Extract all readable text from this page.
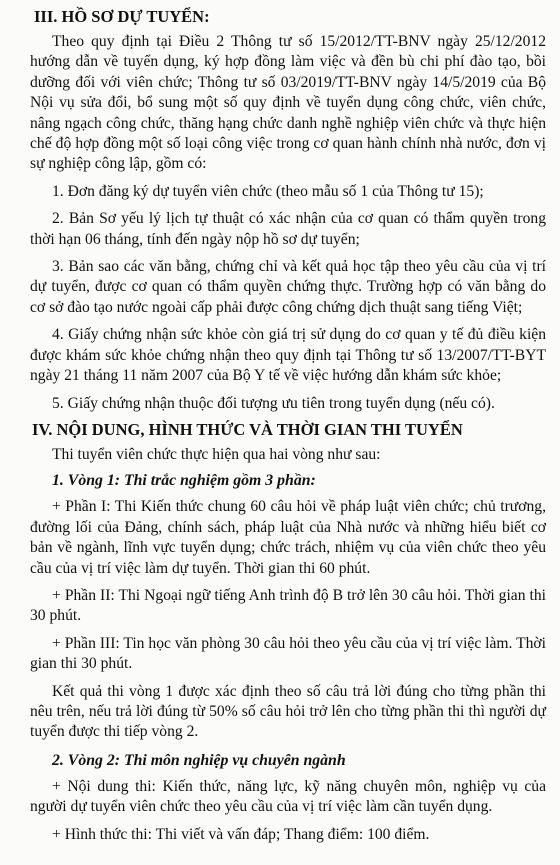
III. HỒ SƠ DỰ TUYỂN:

Theo quy định tại Điều 2 Thông tư số 15/2012/TT-BNV ngày 25/12/2012 hướng dẫn về tuyển dụng, ký hợp đồng làm việc và đền bù chi phí đào tạo, bồi dưỡng đối với viên chức; Thông tư số 03/2019/TT-BNV ngày 14/5/2019 của Bộ Nội vụ sửa đổi, bổ sung một số quy định về tuyển dụng công chức, viên chức, nâng ngạch công chức, thăng hạng chức danh nghề nghiệp viên chức và thực hiện chế độ hợp đồng một số loại công việc trong cơ quan hành chính nhà nước, đơn vị sự nghiệp công lập, gồm có:

1. Đơn đăng ký dự tuyển viên chức (theo mẫu số 1 của Thông tư 15);

2. Bản Sơ yếu lý lịch tự thuật có xác nhận của cơ quan có thẩm quyền trong thời hạn 06 tháng, tính đến ngày nộp hồ sơ dự tuyển;

3. Bản sao các văn bằng, chứng chỉ và kết quả học tập theo yêu cầu của vị trí dự tuyển, được cơ quan có thẩm quyền chứng thực. Trường hợp có văn bằng do cơ sở đào tạo nước ngoài cấp phải được công chứng dịch thuật sang tiếng Việt;

4. Giấy chứng nhận sức khỏe còn giá trị sử dụng do cơ quan y tế đủ điều kiện được khám sức khỏe chứng nhận theo quy định tại Thông tư số 13/2007/TT-BYT ngày 21 tháng 11 năm 2007 của Bộ Y tế về việc hướng dẫn khám sức khỏe;

5. Giấy chứng nhận thuộc đối tượng ưu tiên trong tuyển dụng (nếu có).

IV. NỘI DUNG, HÌNH THỨC VÀ THỜI GIAN THI TUYỂN

Thi tuyển viên chức thực hiện qua hai vòng như sau:

1. Vòng 1: Thi trắc nghiệm gồm 3 phần:

+ Phần I: Thi Kiến thức chung 60 câu hỏi về pháp luật viên chức; chủ trương, đường lối của Đảng, chính sách, pháp luật của Nhà nước và những hiểu biết cơ bản về ngành, lĩnh vực tuyển dụng; chức trách, nhiệm vụ của viên chức theo yêu cầu của vị trí việc làm dự tuyển. Thời gian thi 60 phút.

+ Phần II: Thi Ngoại ngữ tiếng Anh trình độ B trở lên 30 câu hỏi. Thời gian thi 30 phút.

+ Phần III: Tin học văn phòng 30 câu hỏi theo yêu cầu của vị trí việc làm. Thời gian thi 30 phút.

Kết quả thi vòng 1 được xác định theo số câu trả lời đúng cho từng phần thi nêu trên, nếu trả lời đúng từ 50% số câu hỏi trở lên cho từng phần thi thì người dự tuyển được thi tiếp vòng 2.

2. Vòng 2: Thi môn nghiệp vụ chuyên ngành

+ Nội dung thi: Kiến thức, năng lực, kỹ năng chuyên môn, nghiệp vụ của người dự tuyển viên chức theo yêu cầu của vị trí việc làm cần tuyển dụng.

+ Hình thức thi: Thi viết và vấn đáp; Thang điểm: 100 điểm.
